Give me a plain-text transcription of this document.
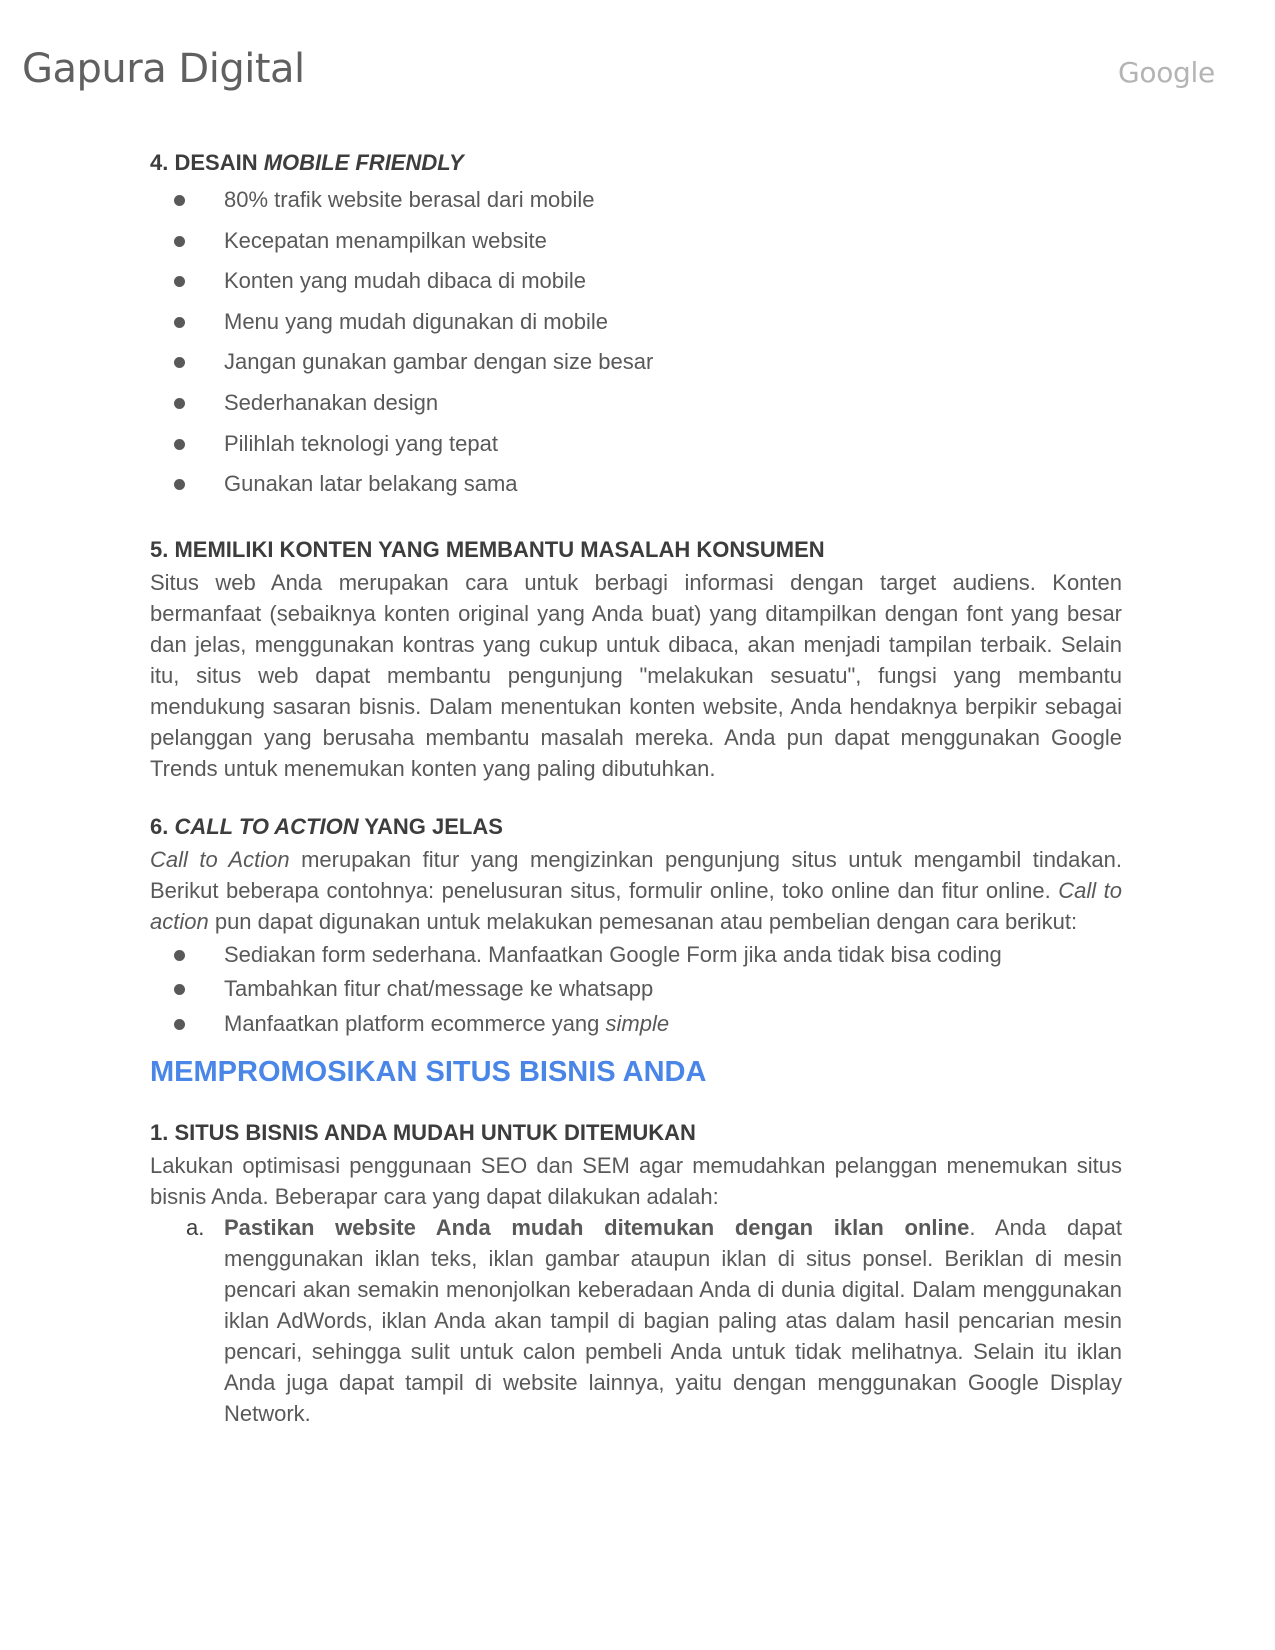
Gapura Digital	Google
4. DESAIN MOBILE FRIENDLY
80% trafik website berasal dari mobile
Kecepatan menampilkan website
Konten yang mudah dibaca di mobile
Menu yang mudah digunakan di mobile
Jangan gunakan gambar dengan size besar
Sederhanakan design
Pilihlah teknologi yang tepat
Gunakan latar belakang sama
5. MEMILIKI KONTEN YANG MEMBANTU MASALAH KONSUMEN

Situs web Anda merupakan cara untuk berbagi informasi dengan target audiens. Konten bermanfaat (sebaiknya konten original yang Anda buat) yang ditampilkan dengan font yang besar dan jelas, menggunakan kontras yang cukup untuk dibaca, akan menjadi tampilan terbaik. Selain itu, situs web dapat membantu pengunjung "melakukan sesuatu", fungsi yang membantu mendukung sasaran bisnis. Dalam menentukan konten website, Anda hendaknya berpikir sebagai pelanggan yang berusaha membantu masalah mereka. Anda pun dapat menggunakan Google Trends untuk menemukan konten yang paling dibutuhkan.

6. CALL TO ACTION YANG JELAS

Call to Action merupakan fitur yang mengizinkan pengunjung situs untuk mengambil tindakan. Berikut beberapa contohnya: penelusuran situs, formulir online, toko online dan fitur online. Call to action pun dapat digunakan untuk melakukan pemesanan atau pembelian dengan cara berikut:

Sediakan form sederhana. Manfaatkan Google Form jika anda tidak bisa coding
Tambahkan fitur chat/message ke whatsapp
Manfaatkan platform ecommerce yang simple
MEMPROMOSIKAN SITUS BISNIS ANDA
1. SITUS BISNIS ANDA MUDAH UNTUK DITEMUKAN

Lakukan optimisasi penggunaan SEO dan SEM agar memudahkan pelanggan menemukan situs bisnis Anda. Beberapar cara yang dapat dilakukan adalah:

a. Pastikan website Anda mudah ditemukan dengan iklan online. Anda dapat menggunakan iklan teks, iklan gambar ataupun iklan di situs ponsel. Beriklan di mesin pencari akan semakin menonjolkan keberadaan Anda di dunia digital. Dalam menggunakan iklan AdWords, iklan Anda akan tampil di bagian paling atas dalam hasil pencarian mesin pencari, sehingga sulit untuk calon pembeli Anda untuk tidak melihatnya. Selain itu iklan Anda juga dapat tampil di website lainnya, yaitu dengan menggunakan Google Display Network.
